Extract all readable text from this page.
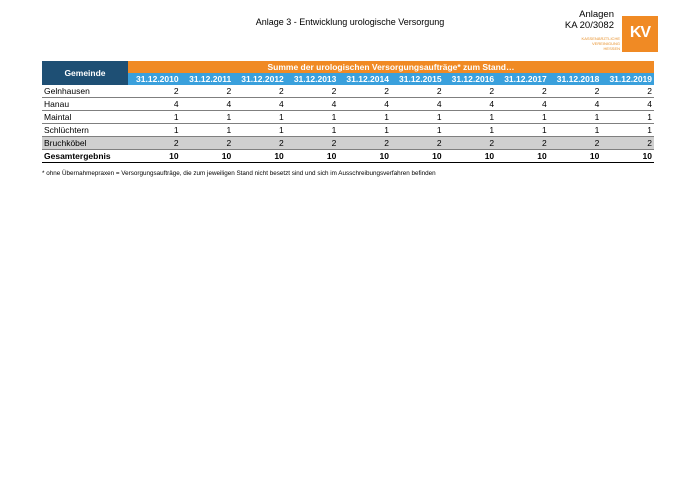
Anlage 3 - Entwicklung urologische Versorgung
Anlagen
KA 20/3082
KASSENÄRZTLICHE
VEREINIGUNG
HESSEN
KV
Gemeinde	Summe der urologischen Versorgungsaufträge* zum Stand…									
	31.12.2010	31.12.2011	31.12.2012	31.12.2013	31.12.2014	31.12.2015	31.12.2016	31.12.2017	31.12.2018	31.12.2019
Gelnhausen	2	2	2	2	2	2	2	2	2	2
Hanau	4	4	4	4	4	4	4	4	4	4
Maintal	1	1	1	1	1	1	1	1	1	1
Schlüchtern	1	1	1	1	1	1	1	1	1	1
Bruchköbel	2	2	2	2	2	2	2	2	2	2
Gesamtergebnis	10	10	10	10	10	10	10	10	10	10
* ohne Übernahmepraxen = Versorgungsaufträge, die zum jeweiligen Stand nicht besetzt sind und sich im Ausschreibungsverfahren befinden
